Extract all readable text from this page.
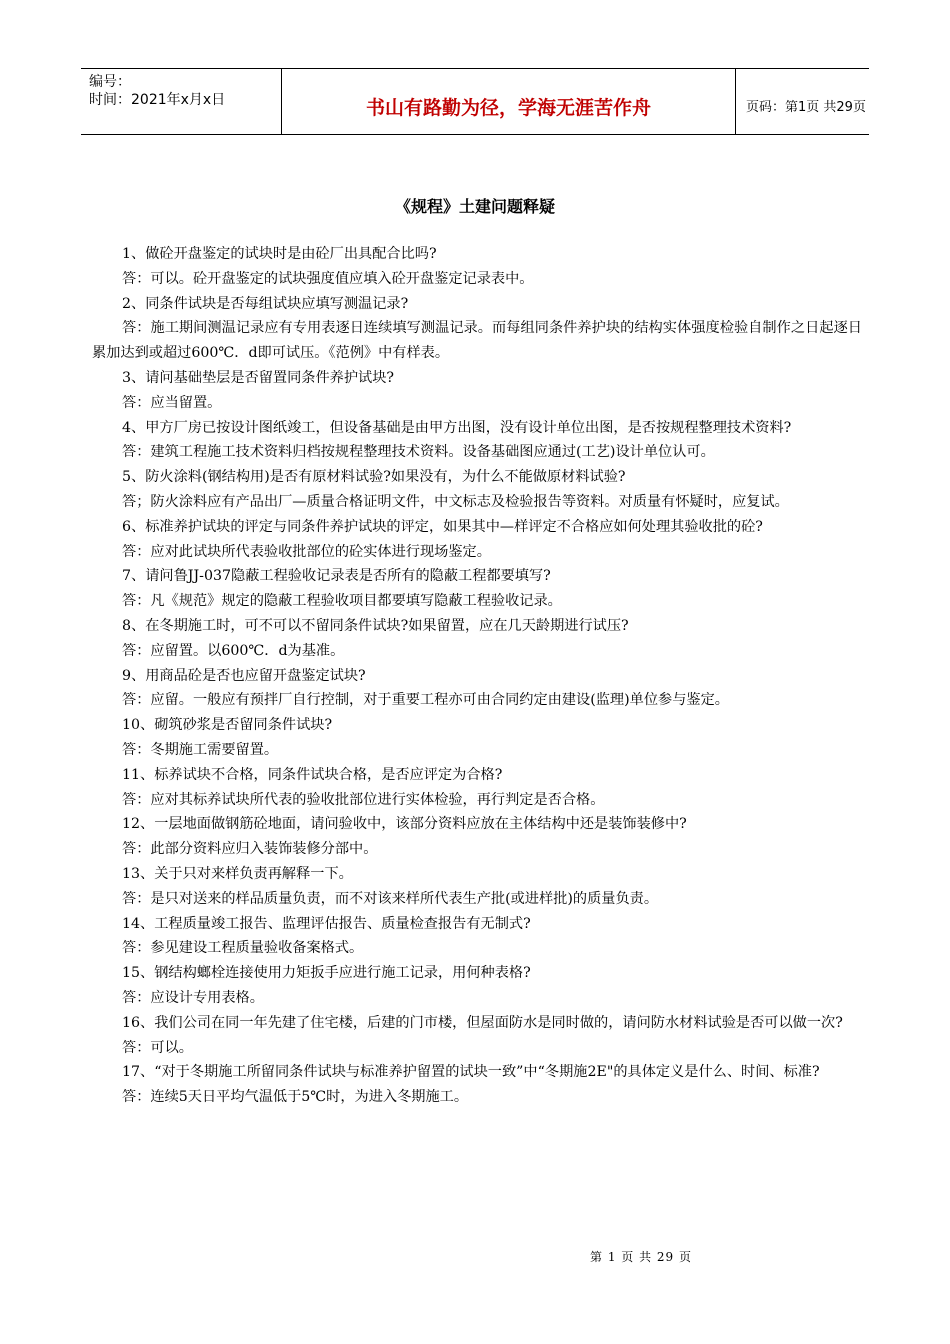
编号：
时间：2021年x月x日	书山有路勤为径，学海无涯苦作舟	页码：第1页 共29页
《规程》土建问题释疑

1、做砼开盘鉴定的试块时是由砼厂出具配合比吗?

答：可以。砼开盘鉴定的试块强度值应填入砼开盘鉴定记录表中。

2、同条件试块是否每组试块应填写测温记录?

答：施工期间测温记录应有专用表逐日连续填写测温记录。而每组同条件养护块的结构实体强度检验自制作之日起逐日累加达到或超过600℃．d即可试压。《范例》中有样表。

3、请问基础垫层是否留置同条件养护试块?

答：应当留置。

4、甲方厂房已按设计图纸竣工，但设备基础是由甲方出图，没有设计单位出图，是否按规程整理技术资料?

答：建筑工程施工技术资料归档按规程整理技术资料。设备基础图应通过(工艺)设计单位认可。

5、防火涂料(钢结构用)是否有原材料试验?如果没有，为什么不能做原材料试验?

答；防火涂料应有产品出厂—质量合格证明文件，中文标志及检验报告等资料。对质量有怀疑时，应复试。

6、标准养护试块的评定与同条件养护试块的评定，如果其中—样评定不合格应如何处理其验收批的砼?

答：应对此试块所代表验收批部位的砼实体进行现场鉴定。

7、请问鲁JJ-037隐蔽工程验收记录表是否所有的隐蔽工程都要填写?

答：凡《规范》规定的隐蔽工程验收项目都要填写隐蔽工程验收记录。

8、在冬期施工时，可不可以不留同条件试块?如果留置，应在几天龄期进行试压?

答：应留置。以600℃．d为基准。

9、用商品砼是否也应留开盘鉴定试块?

答：应留。一般应有预拌厂自行控制，对于重要工程亦可由合同约定由建设(监理)单位参与鉴定。

10、砌筑砂浆是否留同条件试块?

答：冬期施工需要留置。

11、标养试块不合格，同条件试块合格，是否应评定为合格?

答：应对其标养试块所代表的验收批部位进行实体检验，再行判定是否合格。

12、一层地面做钢筋砼地面，请问验收中，该部分资料应放在主体结构中还是装饰装修中?

答：此部分资料应归入装饰装修分部中。

13、关于只对来样负责再解释一下。

答：是只对送来的样品质量负责，而不对该来样所代表生产批(或进样批)的质量负责。

14、工程质量竣工报告、监理评估报告、质量检查报告有无制式?

答：参见建设工程质量验收备案格式。

15、钢结构螂栓连接使用力矩扳手应进行施工记录，用何种表格?

答：应设计专用表格。

16、我们公司在同一年先建了住宅楼，后建的门市楼，但屋面防水是同时做的，请问防水材料试验是否可以做一次?

答：可以。

17、“对于冬期施工所留同条件试块与标准养护留置的试块一致”中“冬期施2E"的具体定义是什么、时间、标准?

答：连续5天日平均气温低于5℃时，为进入冬期施工。

第 1 页 共 29 页
